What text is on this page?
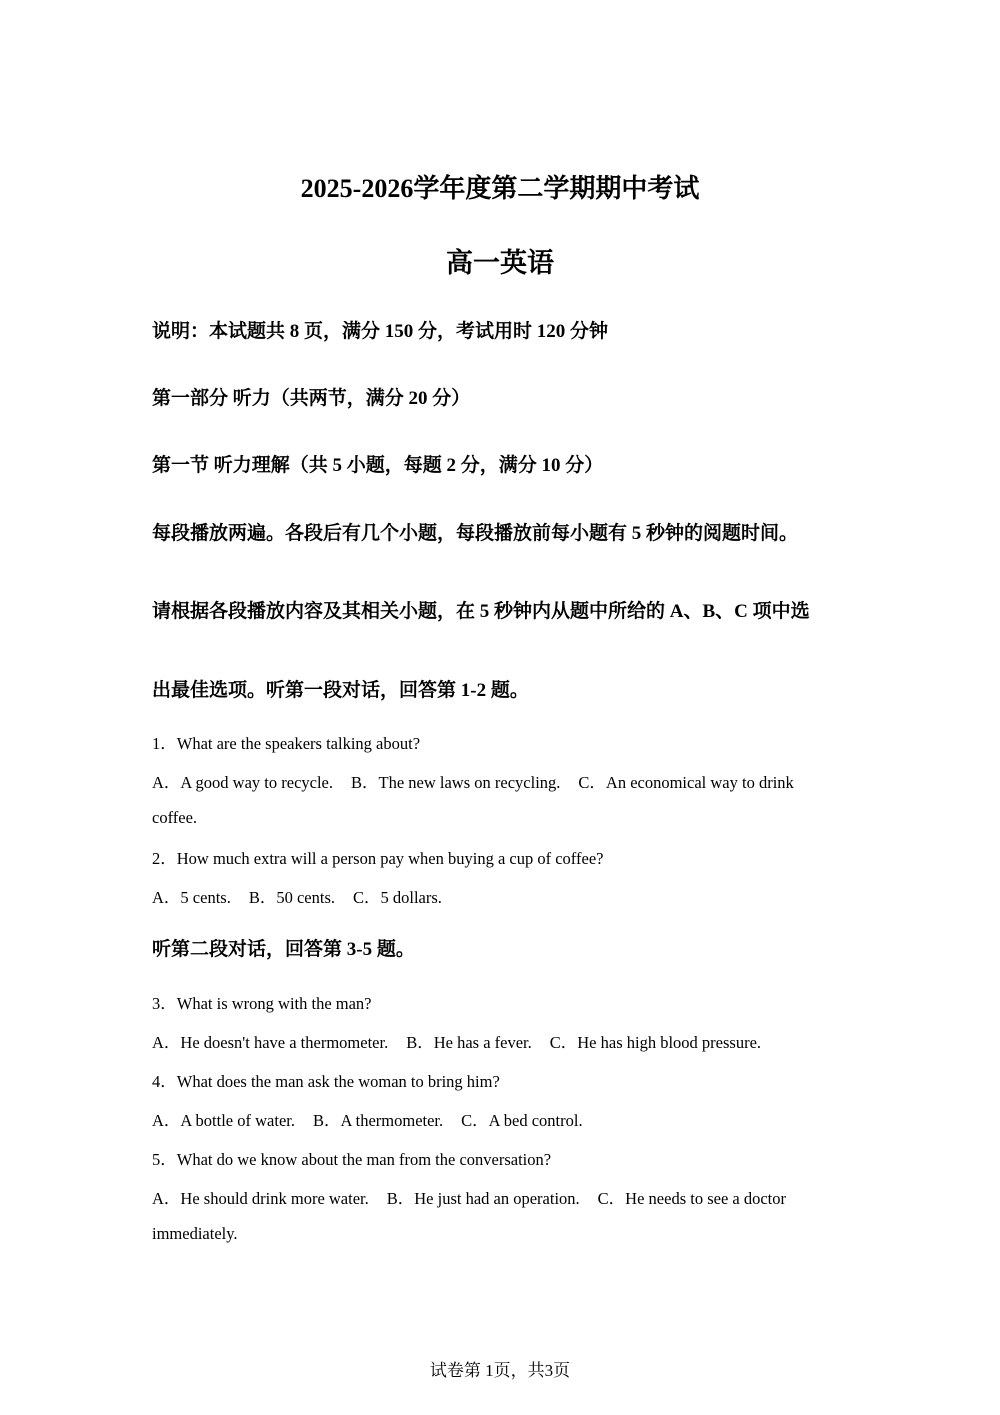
2025-2026学年度第二学期期中考试
高一英语
说明：本试题共 8 页，满分 150 分，考试用时 120 分钟
第一部分 听力（共两节，满分 20 分）
第一节 听力理解（共 5 小题，每题 2 分，满分 10 分）
每段播放两遍。各段后有几个小题，每段播放前每小题有 5 秒钟的阅题时间。
请根据各段播放内容及其相关小题，在 5 秒钟内从题中所给的 A、B、C 项中选
出最佳选项。听第一段对话，回答第 1-2 题。
1．What are the speakers talking about?
A．A good way to recycle. B．The new laws on recycling. C．An economical way to drink
coffee.
2．How much extra will a person pay when buying a cup of coffee?
A．5 cents. B．50 cents. C．5 dollars.
听第二段对话，回答第 3-5 题。
3．What is wrong with the man?
A．He doesn't have a thermometer. B．He has a fever. C．He has high blood pressure.
4．What does the man ask the woman to bring him?
A．A bottle of water. B．A thermometer. C．A bed control.
5．What do we know about the man from the conversation?
A．He should drink more water. B．He just had an operation. C．He needs to see a doctor
immediately.
试卷第 1页，共3页
